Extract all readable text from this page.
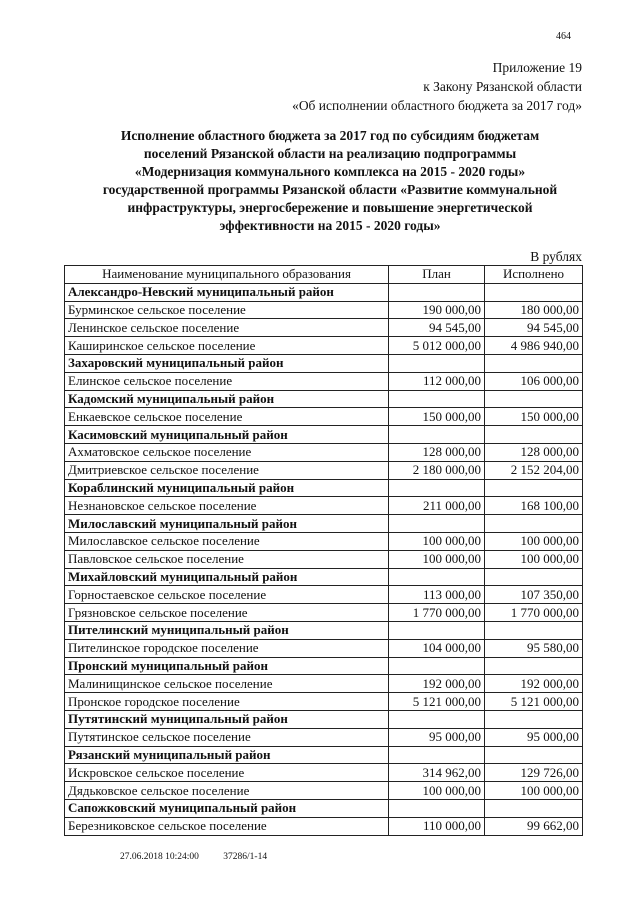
464
Приложение 19
к Закону Рязанской области
«Об исполнении областного бюджета за 2017 год»
Исполнение областного бюджета за 2017 год по субсидиям бюджетам
поселений Рязанской области на реализацию подпрограммы
«Модернизация коммунального комплекса на 2015 - 2020 годы»
государственной программы Рязанской области «Развитие коммунальной
инфраструктуры, энергосбережение и повышение энергетической
эффективности на 2015 - 2020 годы»
В рублях
Наименование муниципального образования	План	Исполнено
Александро-Невский муниципальный район		
Бурминское сельское поселение	190 000,00	180 000,00
Ленинское сельское поселение	94 545,00	94 545,00
Каширинское сельское поселение	5 012 000,00	4 986 940,00
Захаровский муниципальный район		
Елинское сельское поселение	112 000,00	106 000,00
Кадомский муниципальный район		
Енкаевское сельское поселение	150 000,00	150 000,00
Касимовский муниципальный район		
Ахматовское сельское поселение	128 000,00	128 000,00
Дмитриевское сельское поселение	2 180 000,00	2 152 204,00
Кораблинский муниципальный район		
Незнановское сельское поселение	211 000,00	168 100,00
Милославский муниципальный район		
Милославское сельское поселение	100 000,00	100 000,00
Павловское сельское поселение	100 000,00	100 000,00
Михайловский муниципальный район		
Горностаевское сельское поселение	113 000,00	107 350,00
Грязновское сельское поселение	1 770 000,00	1 770 000,00
Пителинский муниципальный район		
Пителинское городское поселение	104 000,00	95 580,00
Пронский муниципальный район		
Малинищинское сельское поселение	192 000,00	192 000,00
Пронское городское поселение	5 121 000,00	5 121 000,00
Путятинский муниципальный район		
Путятинское сельское поселение	95 000,00	95 000,00
Рязанский муниципальный район		
Искровское сельское поселение	314 962,00	129 726,00
Дядьковское сельское поселение	100 000,00	100 000,00
Сапожковский муниципальный район		
Березниковское сельское поселение	110 000,00	99 662,00
27.06.2018 10:24:00	37286/1-14
